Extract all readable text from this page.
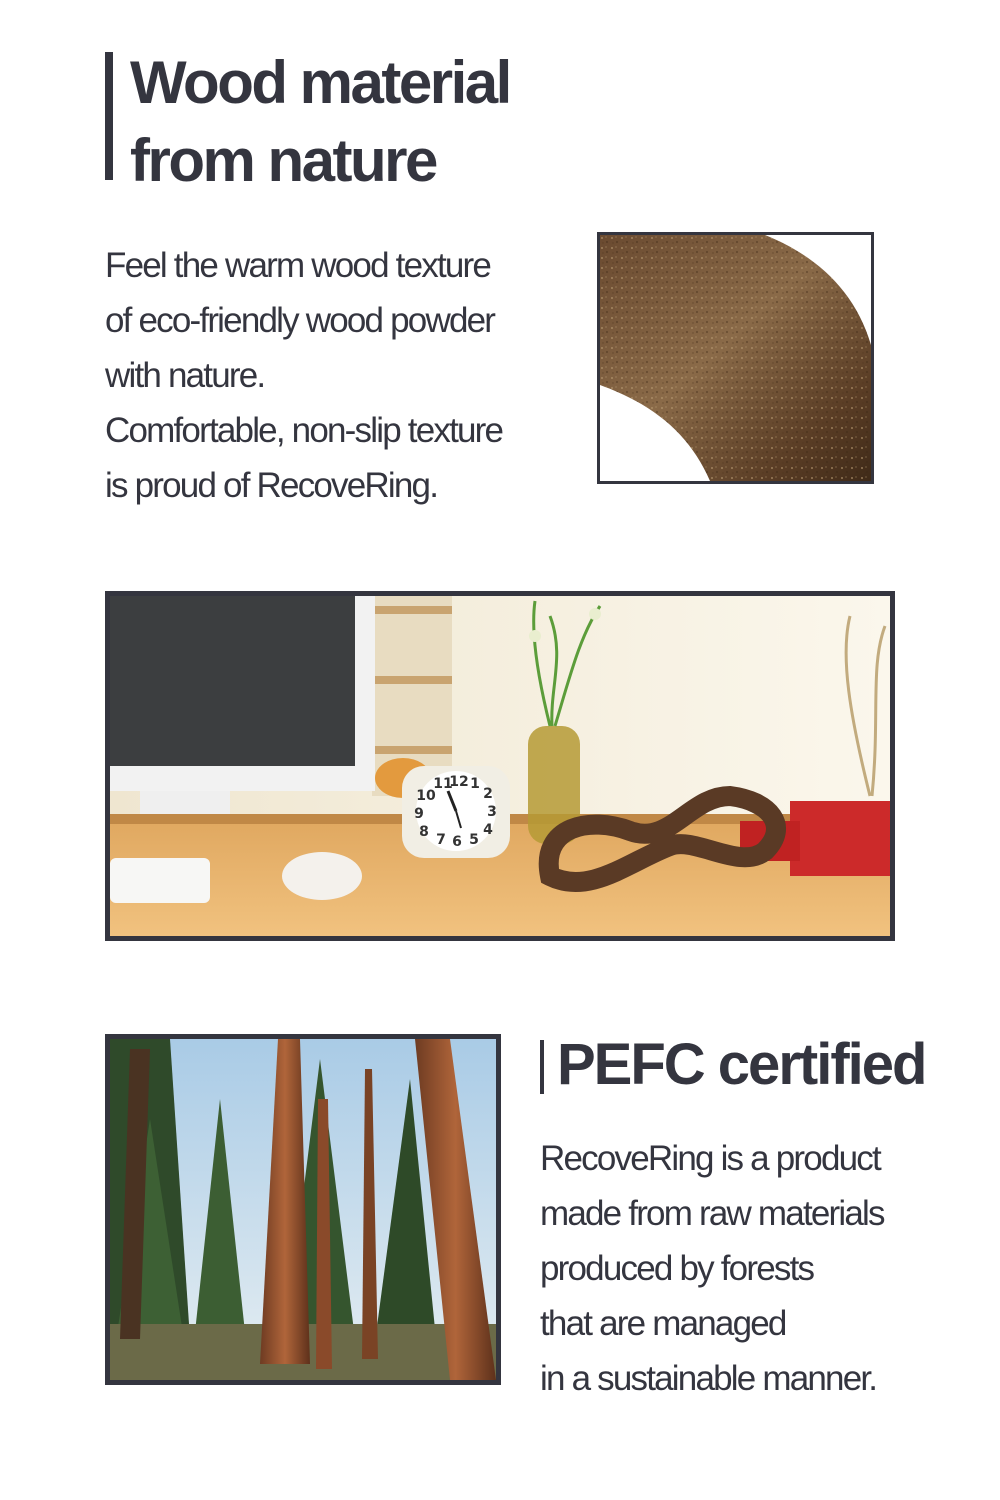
Wood material
from nature
Feel the warm wood texture
of eco-friendly wood powder
with nature.
Comfortable, non-slip texture
is proud of RecoveRing.
11
12 1
2
3
4
5
6
7
8
9
10
PEFC certified
RecoveRing is a product
made from raw materials
produced by forests
that are managed
in a sustainable manner.
